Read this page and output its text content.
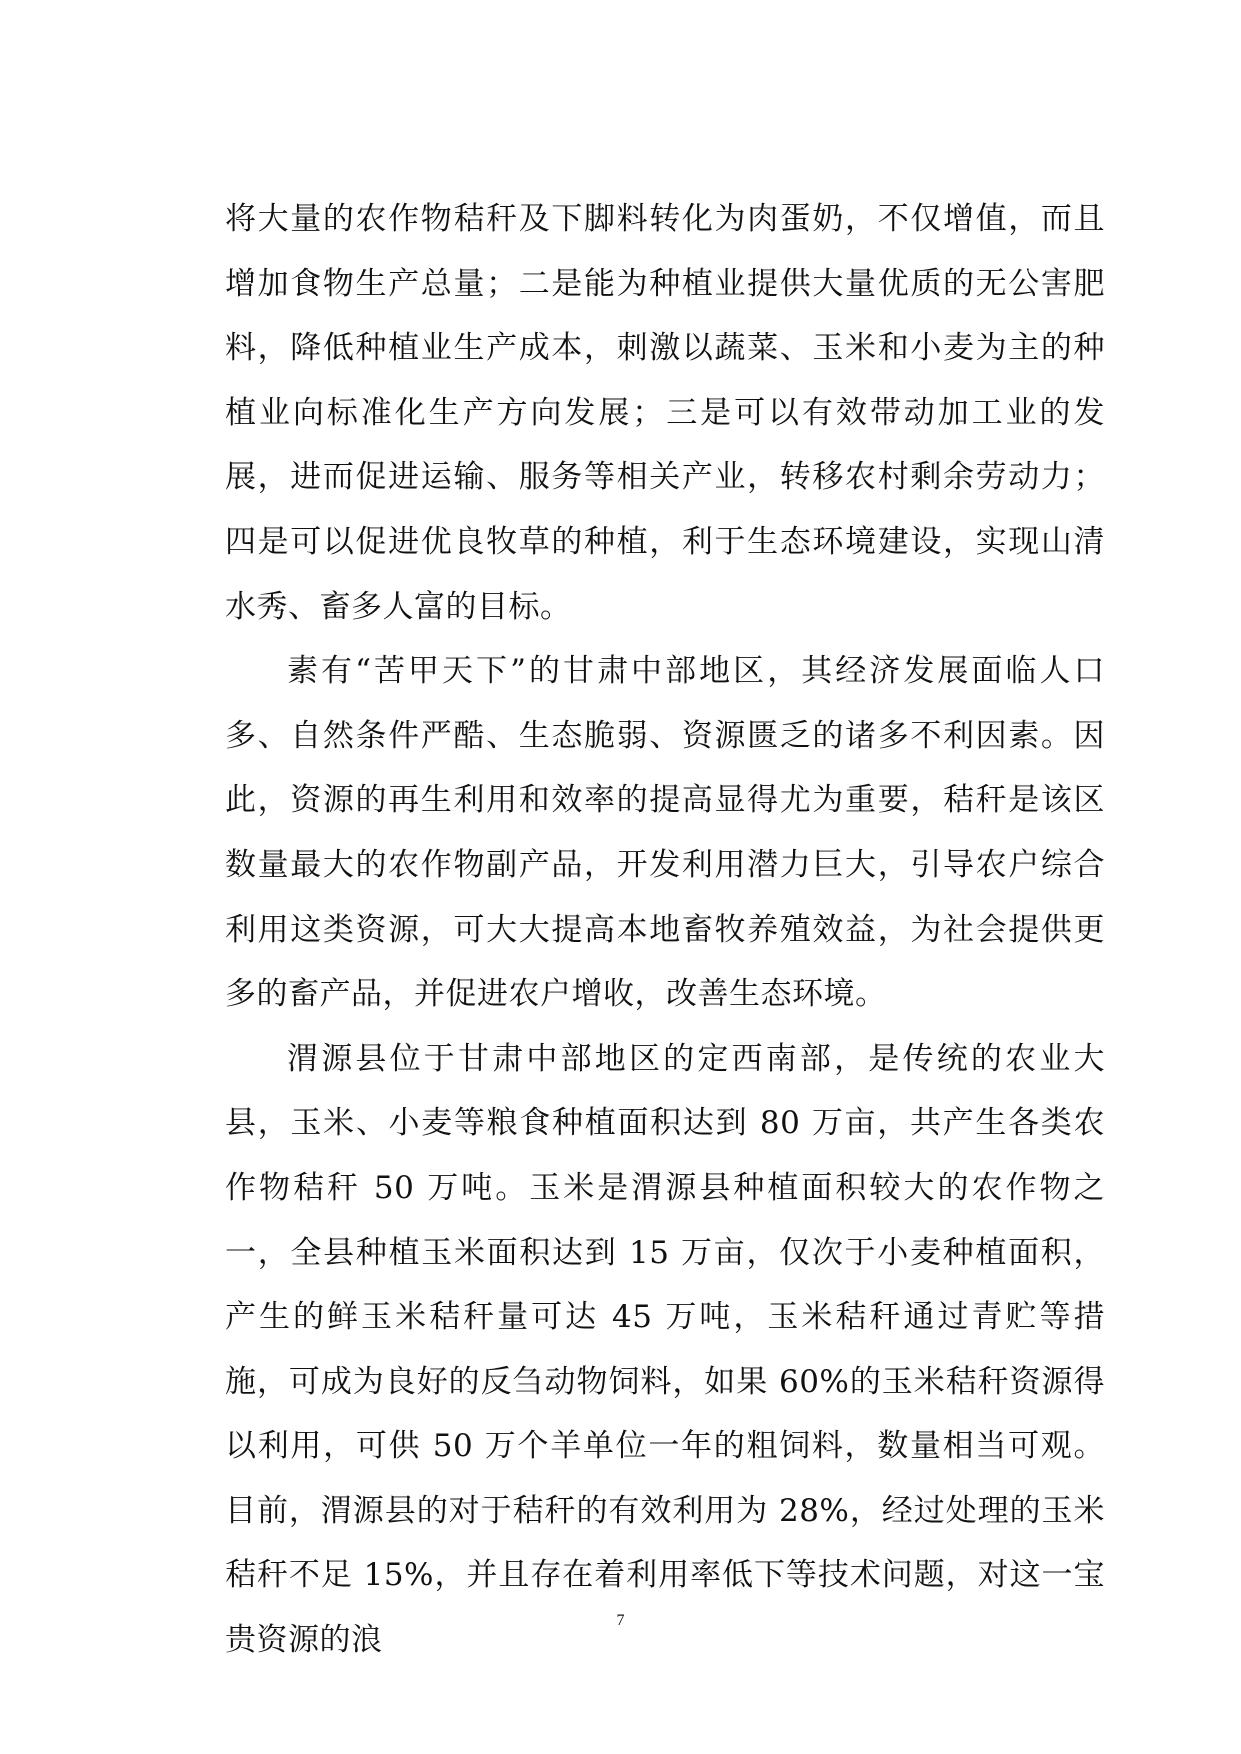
将大量的农作物秸秆及下脚料转化为肉蛋奶，不仅增值，而且增加食物生产总量；二是能为种植业提供大量优质的无公害肥料，降低种植业生产成本，刺激以蔬菜、玉米和小麦为主的种植业向标准化生产方向发展；三是可以有效带动加工业的发展，进而促进运输、服务等相关产业，转移农村剩余劳动力；四是可以促进优良牧草的种植，利于生态环境建设，实现山清水秀、畜多人富的目标。

素有“苦甲天下”的甘肃中部地区，其经济发展面临人口多、自然条件严酷、生态脆弱、资源匮乏的诸多不利因素。因此，资源的再生利用和效率的提高显得尤为重要，秸秆是该区数量最大的农作物副产品，开发利用潜力巨大，引导农户综合利用这类资源，可大大提高本地畜牧养殖效益，为社会提供更多的畜产品，并促进农户增收，改善生态环境。

渭源县位于甘肃中部地区的定西南部，是传统的农业大县，玉米、小麦等粮食种植面积达到 80 万亩，共产生各类农作物秸秆 50 万吨。玉米是渭源县种植面积较大的农作物之一，全县种植玉米面积达到 15 万亩，仅次于小麦种植面积，产生的鲜玉米秸秆量可达 45 万吨，玉米秸秆通过青贮等措施，可成为良好的反刍动物饲料，如果 60%的玉米秸秆资源得以利用，可供 50 万个羊单位一年的粗饲料，数量相当可观。目前，渭源县的对于秸秆的有效利用为 28%，经过处理的玉米秸秆不足 15%，并且存在着利用率低下等技术问题，对这一宝贵资源的浪

7
